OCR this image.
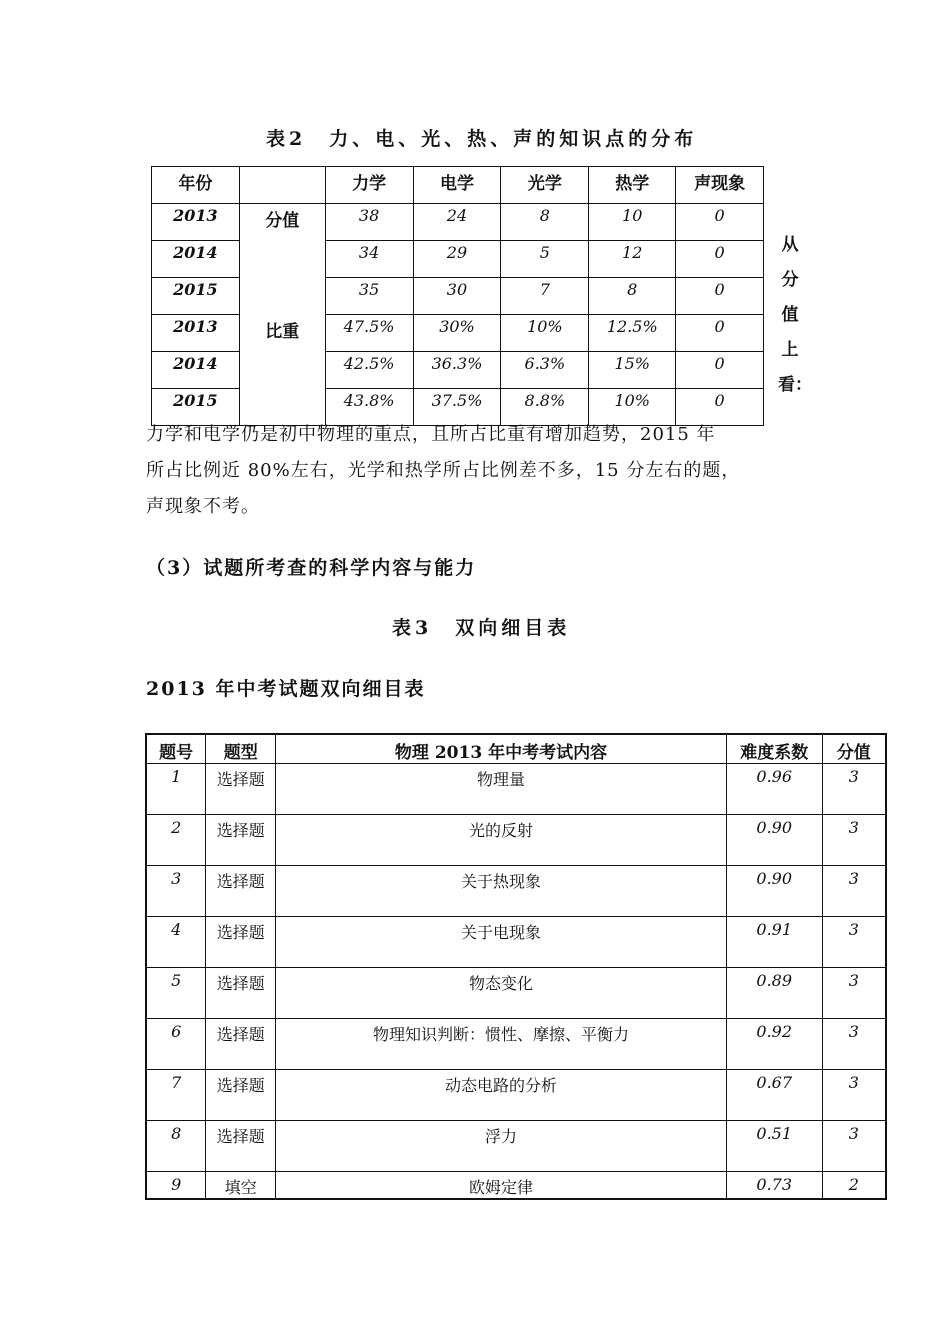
表2　力、电、光、热、声的知识点的分布
年份		力学	电学	光学	热学	声现象
2013	分值	38	24	8	10	0
2014		34	29	5	12	0
2015		35	30	7	8	0
2013	比重	47.5%	30%	10%	12.5%	0
2014		42.5%	36.3%	6.3%	15%	0
2015		43.8%	37.5%	8.8%	10%	0
从
分
值
上
看：
力学和电学仍是初中物理的重点，且所占比重有增加趋势，2015 年
所占比例近 80%左右，光学和热学所占比例差不多，15 分左右的题，
声现象不考。
（3）试题所考查的科学内容与能力
表3　双向细目表
2013 年中考试题双向细目表
题号	题型	物理 2013 年中考考试内容	难度系数	分值
1	选择题	物理量	0.96	3
2	选择题	光的反射	0.90	3
3	选择题	关于热现象	0.90	3
4	选择题	关于电现象	0.91	3
5	选择题	物态变化	0.89	3
6	选择题	物理知识判断：惯性、摩擦、平衡力	0.92	3
7	选择题	动态电路的分析	0.67	3
8	选择题	浮力	0.51	3
9	填空	欧姆定律	0.73	2
